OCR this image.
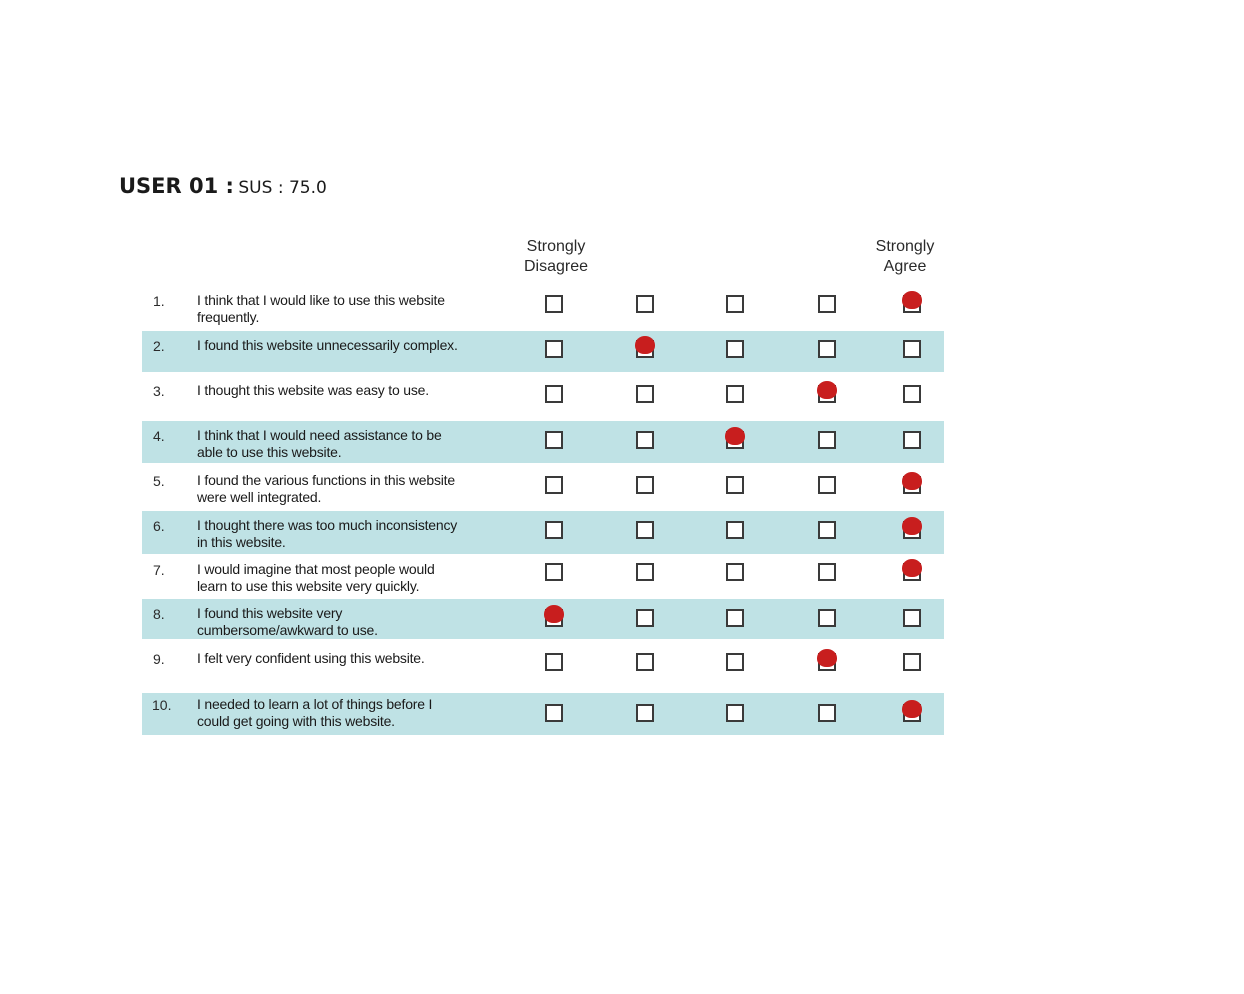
USER 01 : SUS : 75.0
Strongly
Disagree
Strongly
Agree
1. I think that I would like to use this website
frequently.
2. I found this website unnecessarily complex.
3. I thought this website was easy to use.
4. I think that I would need assistance to be
able to use this website.
5. I found the various functions in this website
were well integrated.
6. I thought there was too much inconsistency
in this website.
7. I would imagine that most people would
learn to use this website very quickly.
8. I found this website very
cumbersome/awkward to use.
9. I felt very confident using this website.
10. I needed to learn a lot of things before I
could get going with this website.
